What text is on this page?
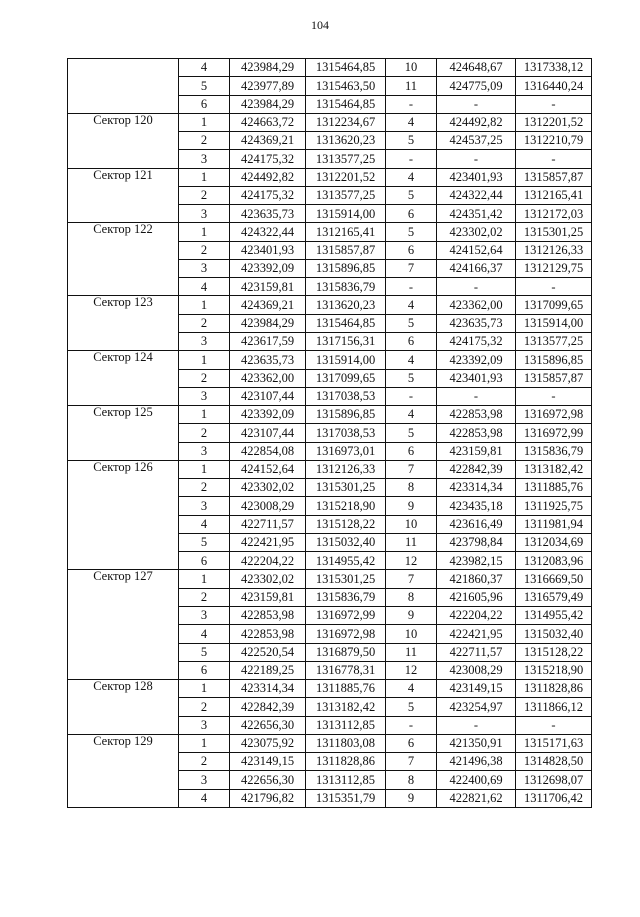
104
	4	423984,29	1315464,85	10	424648,67	1317338,12
	5	423977,89	1315463,50	11	424775,09	1316440,24
	6	423984,29	1315464,85	-	-	-
Сектор 120	1	424663,72	1312234,67	4	424492,82	1312201,52
	2	424369,21	1313620,23	5	424537,25	1312210,79
	3	424175,32	1313577,25	-	-	-
Сектор 121	1	424492,82	1312201,52	4	423401,93	1315857,87
	2	424175,32	1313577,25	5	424322,44	1312165,41
	3	423635,73	1315914,00	6	424351,42	1312172,03
Сектор 122	1	424322,44	1312165,41	5	423302,02	1315301,25
	2	423401,93	1315857,87	6	424152,64	1312126,33
	3	423392,09	1315896,85	7	424166,37	1312129,75
	4	423159,81	1315836,79	-	-	-
Сектор 123	1	424369,21	1313620,23	4	423362,00	1317099,65
	2	423984,29	1315464,85	5	423635,73	1315914,00
	3	423617,59	1317156,31	6	424175,32	1313577,25
Сектор 124	1	423635,73	1315914,00	4	423392,09	1315896,85
	2	423362,00	1317099,65	5	423401,93	1315857,87
	3	423107,44	1317038,53	-	-	-
Сектор 125	1	423392,09	1315896,85	4	422853,98	1316972,98
	2	423107,44	1317038,53	5	422853,98	1316972,99
	3	422854,08	1316973,01	6	423159,81	1315836,79
Сектор 126	1	424152,64	1312126,33	7	422842,39	1313182,42
	2	423302,02	1315301,25	8	423314,34	1311885,76
	3	423008,29	1315218,90	9	423435,18	1311925,75
	4	422711,57	1315128,22	10	423616,49	1311981,94
	5	422421,95	1315032,40	11	423798,84	1312034,69
	6	422204,22	1314955,42	12	423982,15	1312083,96
Сектор 127	1	423302,02	1315301,25	7	421860,37	1316669,50
	2	423159,81	1315836,79	8	421605,96	1316579,49
	3	422853,98	1316972,99	9	422204,22	1314955,42
	4	422853,98	1316972,98	10	422421,95	1315032,40
	5	422520,54	1316879,50	11	422711,57	1315128,22
	6	422189,25	1316778,31	12	423008,29	1315218,90
Сектор 128	1	423314,34	1311885,76	4	423149,15	1311828,86
	2	422842,39	1313182,42	5	423254,97	1311866,12
	3	422656,30	1313112,85	-	-	-
Сектор 129	1	423075,92	1311803,08	6	421350,91	1315171,63
	2	423149,15	1311828,86	7	421496,38	1314828,50
	3	422656,30	1313112,85	8	422400,69	1312698,07
	4	421796,82	1315351,79	9	422821,62	1311706,42
